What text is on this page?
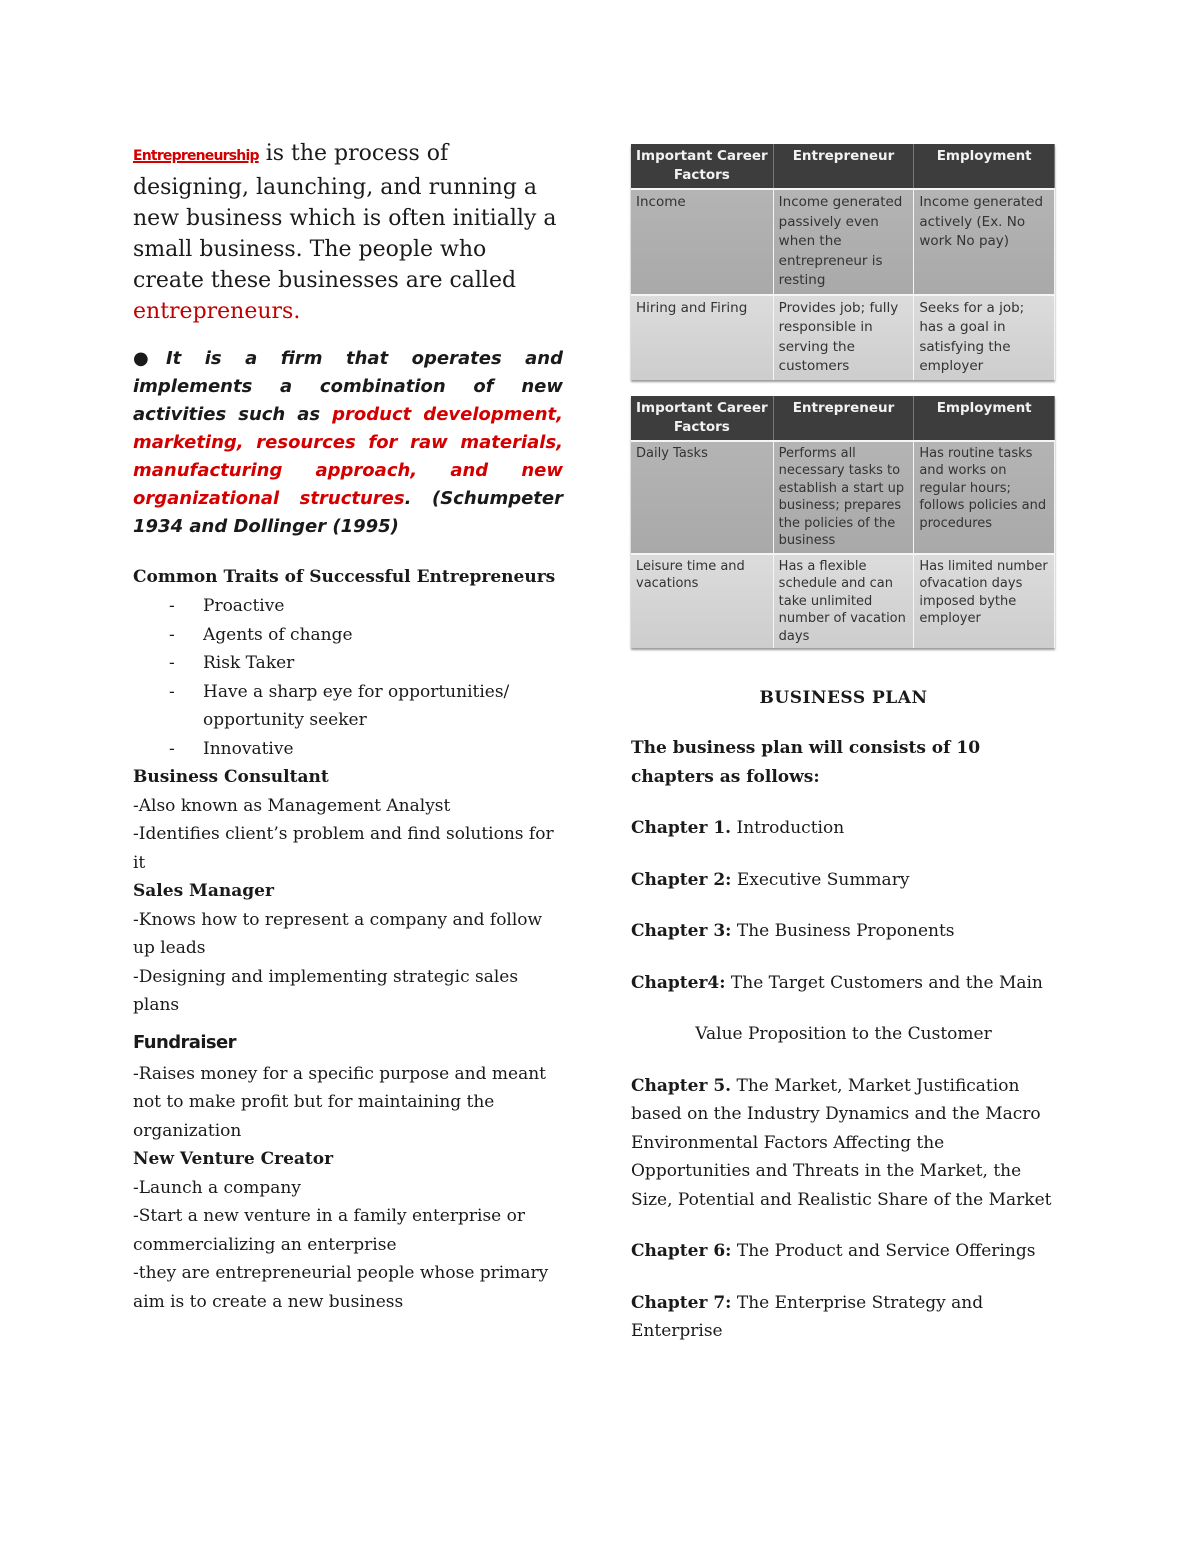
Entrepreneurship is the process of designing, launching, and running a new business which is often initially a small business. The people who create these businesses are called entrepreneurs.

●It is a firm that operates and implements a combination of new activities such as product development, marketing, resources for raw materials, manufacturing approach, and new organizational structures. (Schumpeter 1934 and Dollinger (1995)

Common Traits of Successful Entrepreneurs

- Proactive
- Agents of change
- Risk Taker
- Have a sharp eye for opportunities/ opportunity seeker
- Innovative

Business Consultant

-Also known as Management Analyst

-Identifies client’s problem and find solutions for it

Sales Manager

-Knows how to represent a company and follow up leads

-Designing and implementing strategic sales plans

Fundraiser

-Raises money for a specific purpose and meant not to make profit but for maintaining the organization

New Venture Creator

-Launch a company

-Start a new venture in a family enterprise or commercializing an enterprise

-they are entrepreneurial people whose primary aim is to create a new business

Important Career Factors	Entrepreneur	Employment
Income	Income generated passively even when the entrepreneur is resting	Income generated actively (Ex. No work No pay)
Hiring and Firing	Provides job; fully responsible in serving the customers	Seeks for a job; has a goal in satisfying the employer
Important Career Factors	Entrepreneur	Employment
Daily Tasks	Performs all necessary tasks to establish a start up business; prepares the policies of the business	Has routine tasks and works on regular hours; follows policies and procedures
Leisure time and vacations	Has a flexible schedule and can take unlimited number of vacation days	Has limited number ofvacation days imposed bythe employer

BUSINESS PLAN

The business plan will consists of 10 chapters as follows:

Chapter 1. Introduction

Chapter 2: Executive Summary

Chapter 3: The Business Proponents

Chapter4: The Target Customers and the Main

Value Proposition to the Customer

Chapter 5. The Market, Market Justification based on the Industry Dynamics and the Macro Environmental Factors Affecting the Opportunities and Threats in the Market, the Size, Potential and Realistic Share of the Market

Chapter 6: The Product and Service Offerings

Chapter 7: The Enterprise Strategy and Enterprise
